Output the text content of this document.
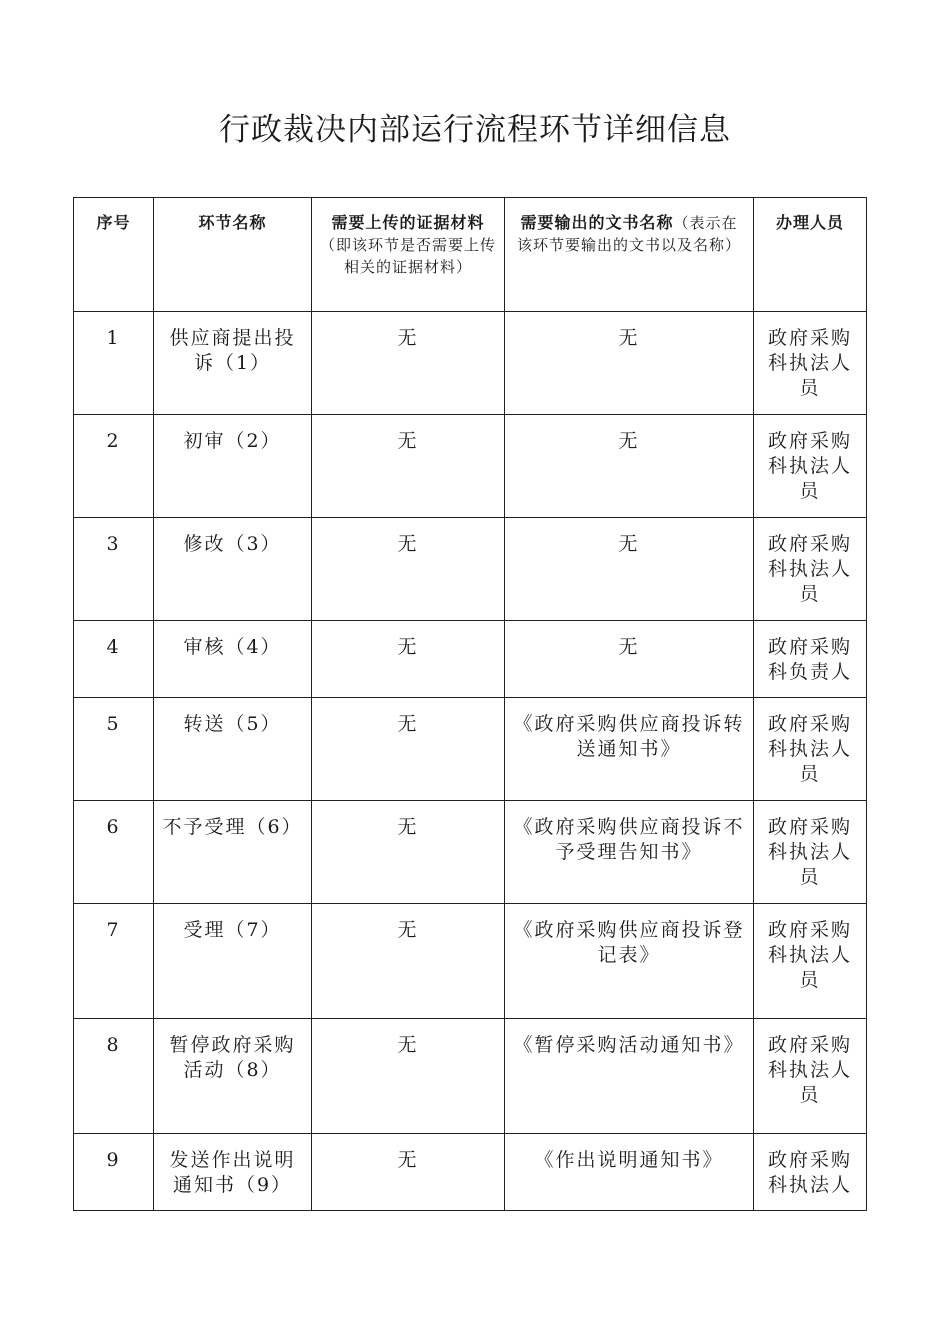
行政裁决内部运行流程环节详细信息
序号	环节名称	需要上传的证据材料（即该环节是否需要上传相关的证据材料）	需要输出的文书名称（表示在该环节要输出的文书以及名称）	办理人员
1	供应商提出投诉（1）	无	无	政府采购科执法人员
2	初审（2）	无	无	政府采购科执法人员
3	修改（3）	无	无	政府采购科执法人员
4	审核（4）	无	无	政府采购科负责人
5	转送（5）	无	《政府采购供应商投诉转送通知书》	政府采购科执法人员
6	不予受理（6）	无	《政府采购供应商投诉不予受理告知书》	政府采购科执法人员
7	受理（7）	无	《政府采购供应商投诉登记表》	政府采购科执法人员
8	暂停政府采购活动（8）	无	《暂停采购活动通知书》	政府采购科执法人员
9	发送作出说明通知书（9）	无	《作出说明通知书》	政府采购科执法人
